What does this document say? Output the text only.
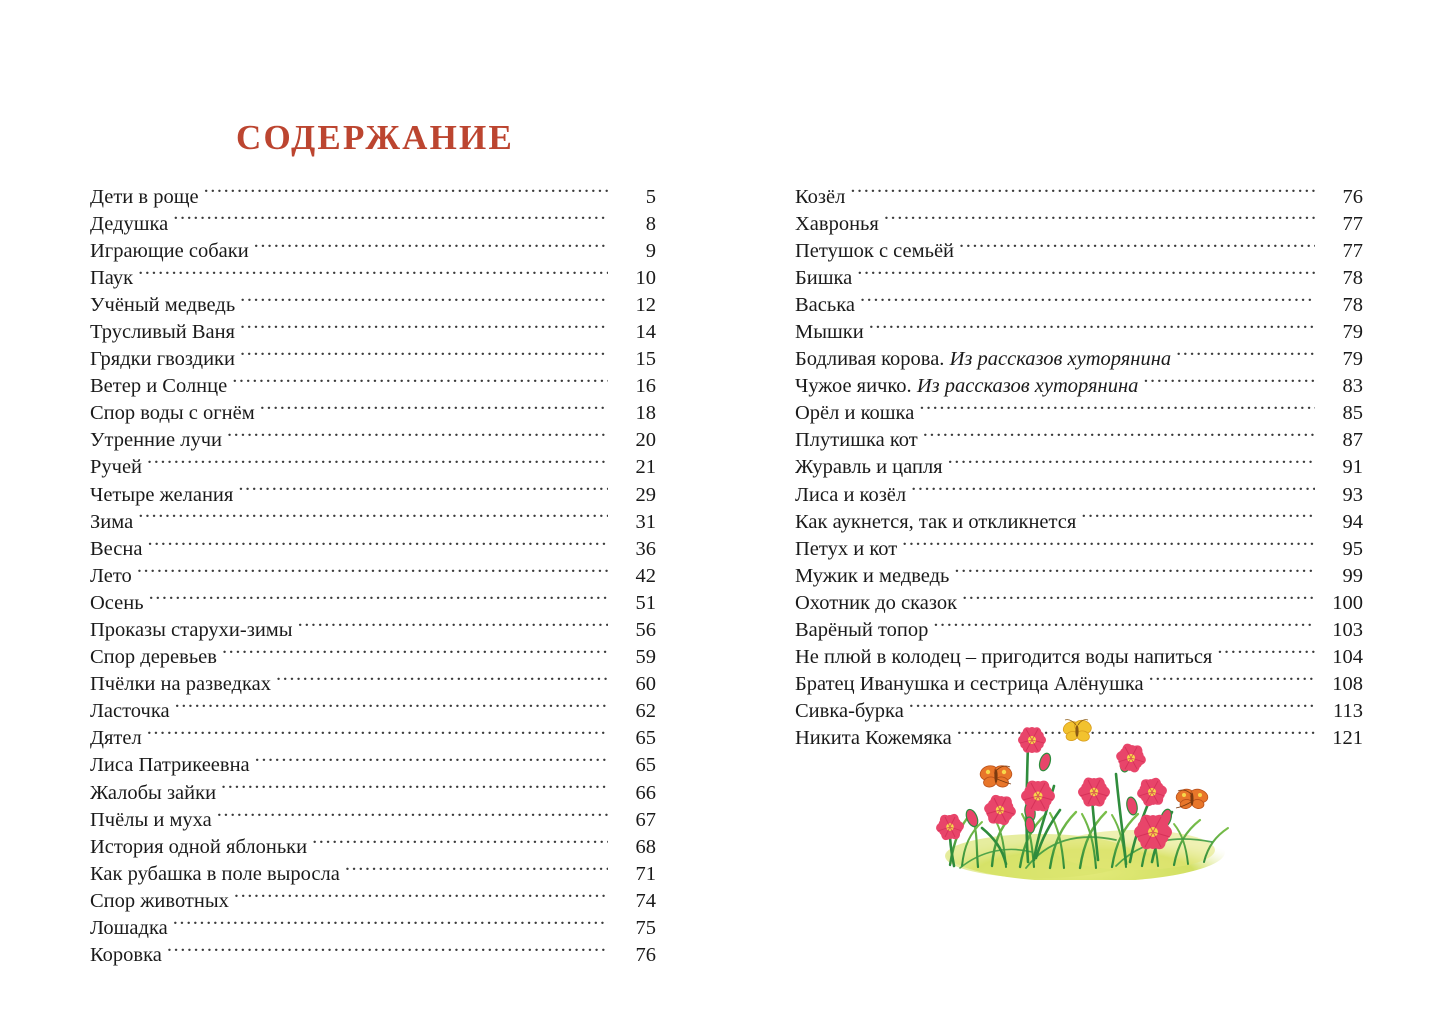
СОДЕРЖАНИЕ
Дети в роще .....	5
Дедушка .....	8
Играющие собаки .....	9
Паук .....	10
Учёный медведь .....	12
Трусливый Ваня .....	14
Грядки гвоздики .....	15
Ветер и Солнце .....	16
Спор воды с огнём .....	18
Утренние лучи .....	20
Ручей .....	21
Четыре желания .....	29
Зима .....	31
Весна .....	36
Лето .....	42
Осень .....	51
Проказы старухи-зимы .....	56
Спор деревьев .....	59
Пчёлки на разведках .....	60
Ласточка .....	62
Дятел .....	65
Лиса Патрикеевна .....	65
Жалобы зайки .....	66
Пчёлы и муха .....	67
История одной яблоньки .....	68
Как рубашка в поле выросла .....	71
Спор животных .....	74
Лошадка .....	75
Коровка .....	76
Козёл .....	76
Хавронья .....	77
Петушок с семьёй .....	77
Бишка .....	78
Васька .....	78
Мышки .....	79
Бодливая корова. Из рассказов хуторянина .....	79
Чужое яичко. Из рассказов хуторянина .....	83
Орёл и кошка .....	85
Плутишка кот .....	87
Журавль и цапля .....	91
Лиса и козёл .....	93
Как аукнется, так и откликнется .....	94
Петух и кот .....	95
Мужик и медведь .....	99
Охотник до сказок .....	100
Варёный топор .....	103
Не плюй в колодец – пригодится воды напиться .....	104
Братец Иванушка и сестрица Алёнушка .....	108
Сивка-бурка .....	113
Никита Кожемяка .....	121
